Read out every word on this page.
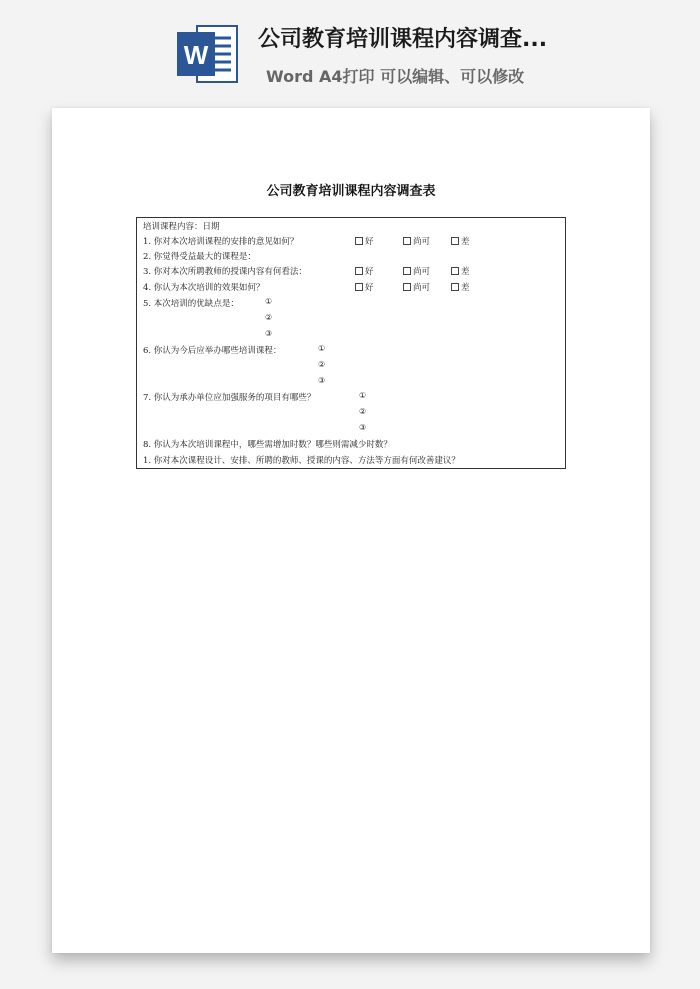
W
公司教育培训课程内容调查...
Word A4打印 可以编辑、可以修改
公司教育培训课程内容调查表
培训课程内容：日期
1. 你对本次培训课程的安排的意见如何？	好	尚可	差
2. 你觉得受益最大的课程是：
3. 你对本次所聘教师的授课内容有何看法：	好	尚可	差
4. 你认为本次培训的效果如何？	好	尚可	差
5. 本次培训的优缺点是：	①
②
③
6. 你认为今后应举办哪些培训课程：	①
②
③
7. 你认为承办单位应加强服务的项目有哪些？	①
②
③
8. 你认为本次培训课程中，哪些需增加时数？哪些则需减少时数？
1. 你对本次课程设计、安排、所聘的教师、授课的内容、方法等方面有何改善建议？
